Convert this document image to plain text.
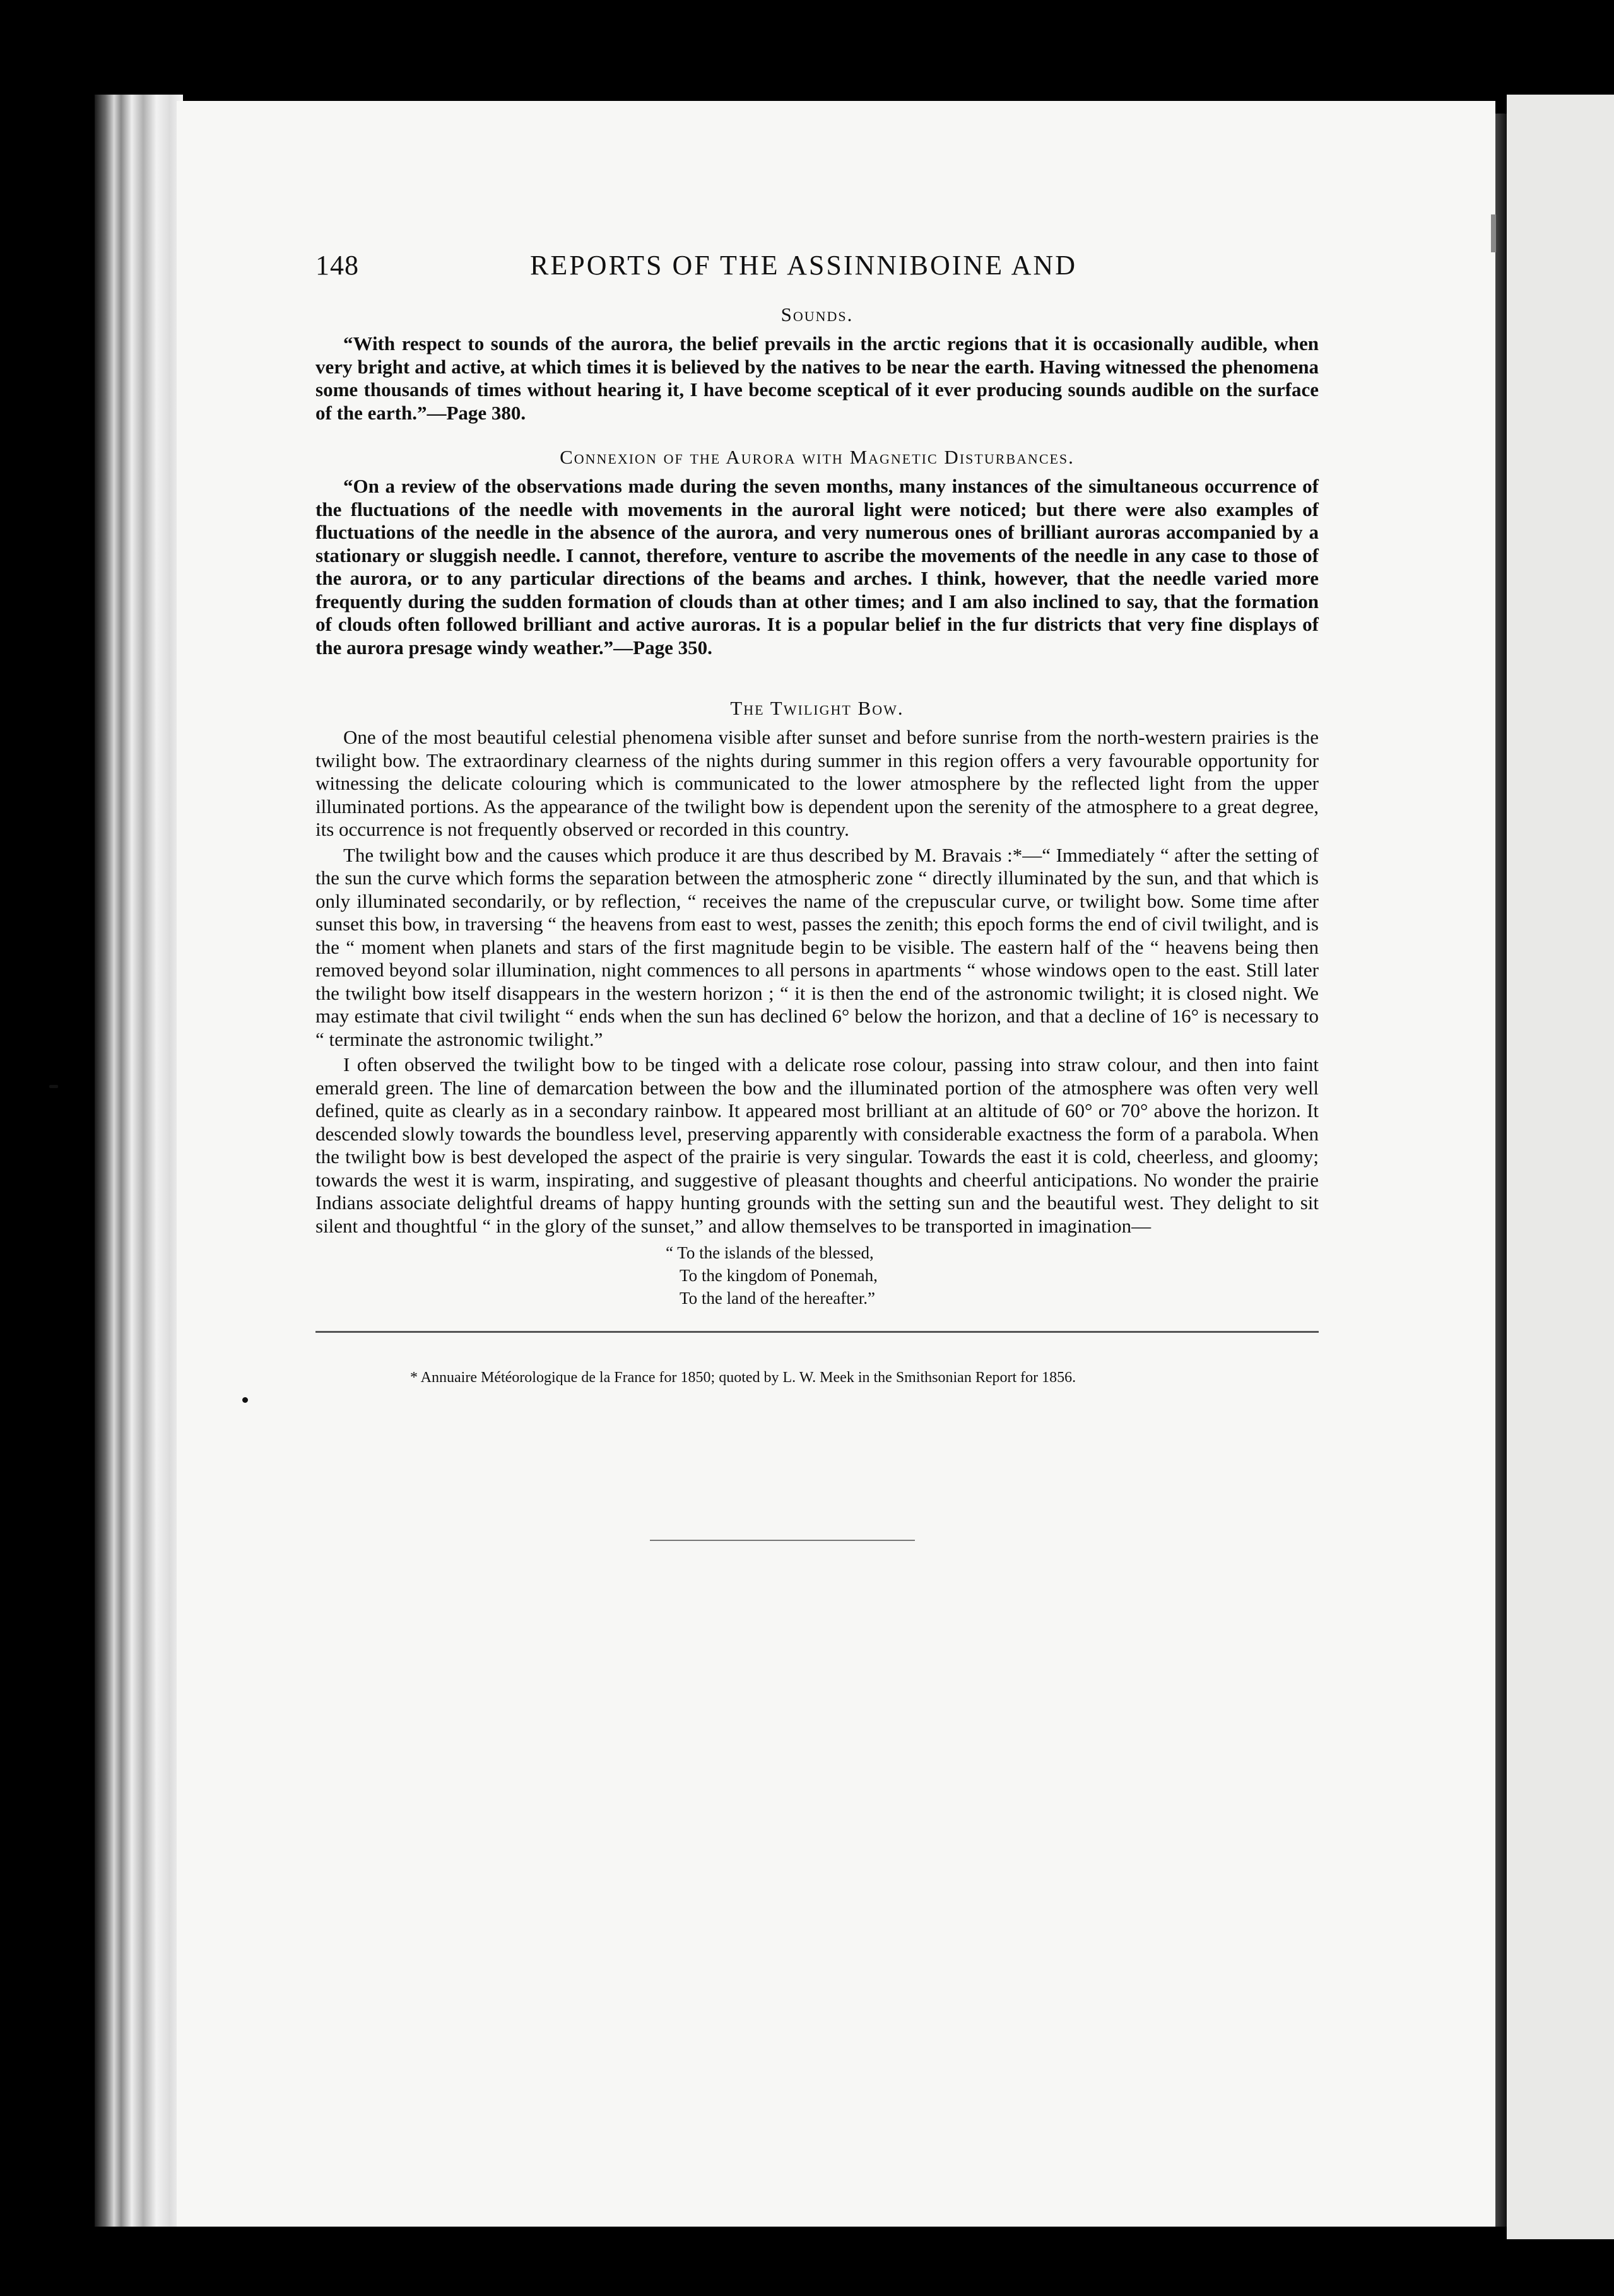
148	REPORTS OF THE ASSINNIBOINE AND
Sounds.

“With respect to sounds of the aurora, the belief prevails in the arctic regions that it is occasionally audible, when very bright and active, at which times it is believed by the natives to be near the earth. Having witnessed the phenomena some thousands of times without hearing it, I have become sceptical of it ever producing sounds audible on the surface of the earth.”—Page 380.

Connexion of the Aurora with Magnetic Disturbances.

“On a review of the observations made during the seven months, many instances of the simultaneous occurrence of the fluctuations of the needle with movements in the auroral light were noticed; but there were also examples of fluctuations of the needle in the absence of the aurora, and very numerous ones of brilliant auroras accompanied by a stationary or sluggish needle. I cannot, therefore, venture to ascribe the movements of the needle in any case to those of the aurora, or to any particular directions of the beams and arches. I think, however, that the needle varied more frequently during the sudden formation of clouds than at other times; and I am also inclined to say, that the formation of clouds often followed brilliant and active auroras. It is a popular belief in the fur districts that very fine displays of the aurora presage windy weather.”—Page 350.

The Twilight Bow.

One of the most beautiful celestial phenomena visible after sunset and before sunrise from the north-western prairies is the twilight bow. The extraordinary clearness of the nights during summer in this region offers a very favourable opportunity for witnessing the delicate colouring which is communicated to the lower atmosphere by the reflected light from the upper illuminated portions. As the appearance of the twilight bow is dependent upon the serenity of the atmosphere to a great degree, its occurrence is not frequently observed or recorded in this country.

The twilight bow and the causes which produce it are thus described by M. Bravais :*—“ Immediately “ after the setting of the sun the curve which forms the separation between the atmospheric zone “ directly illuminated by the sun, and that which is only illuminated secondarily, or by reflection, “ receives the name of the crepuscular curve, or twilight bow. Some time after sunset this bow, in traversing “ the heavens from east to west, passes the zenith; this epoch forms the end of civil twilight, and is the “ moment when planets and stars of the first magnitude begin to be visible. The eastern half of the “ heavens being then removed beyond solar illumination, night commences to all persons in apartments “ whose windows open to the east. Still later the twilight bow itself disappears in the western horizon ; “ it is then the end of the astronomic twilight; it is closed night. We may estimate that civil twilight “ ends when the sun has declined 6° below the horizon, and that a decline of 16° is necessary to “ terminate the astronomic twilight.”

I often observed the twilight bow to be tinged with a delicate rose colour, passing into straw colour, and then into faint emerald green. The line of demarcation between the bow and the illuminated portion of the atmosphere was often very well defined, quite as clearly as in a secondary rainbow. It appeared most brilliant at an altitude of 60° or 70° above the horizon. It descended slowly towards the boundless level, preserving apparently with considerable exactness the form of a parabola. When the twilight bow is best developed the aspect of the prairie is very singular. Towards the east it is cold, cheerless, and gloomy; towards the west it is warm, inspirating, and suggestive of pleasant thoughts and cheerful anticipations. No wonder the prairie Indians associate delightful dreams of happy hunting grounds with the setting sun and the beautiful west. They delight to sit silent and thoughtful “ in the glory of the sunset,” and allow themselves to be transported in imagination—

“ To the islands of the blessed,
To the kingdom of Ponemah,
To the land of the hereafter.”
* Annuaire Météorologique de la France for 1850; quoted by L. W. Meek in the Smithsonian Report for 1856.
